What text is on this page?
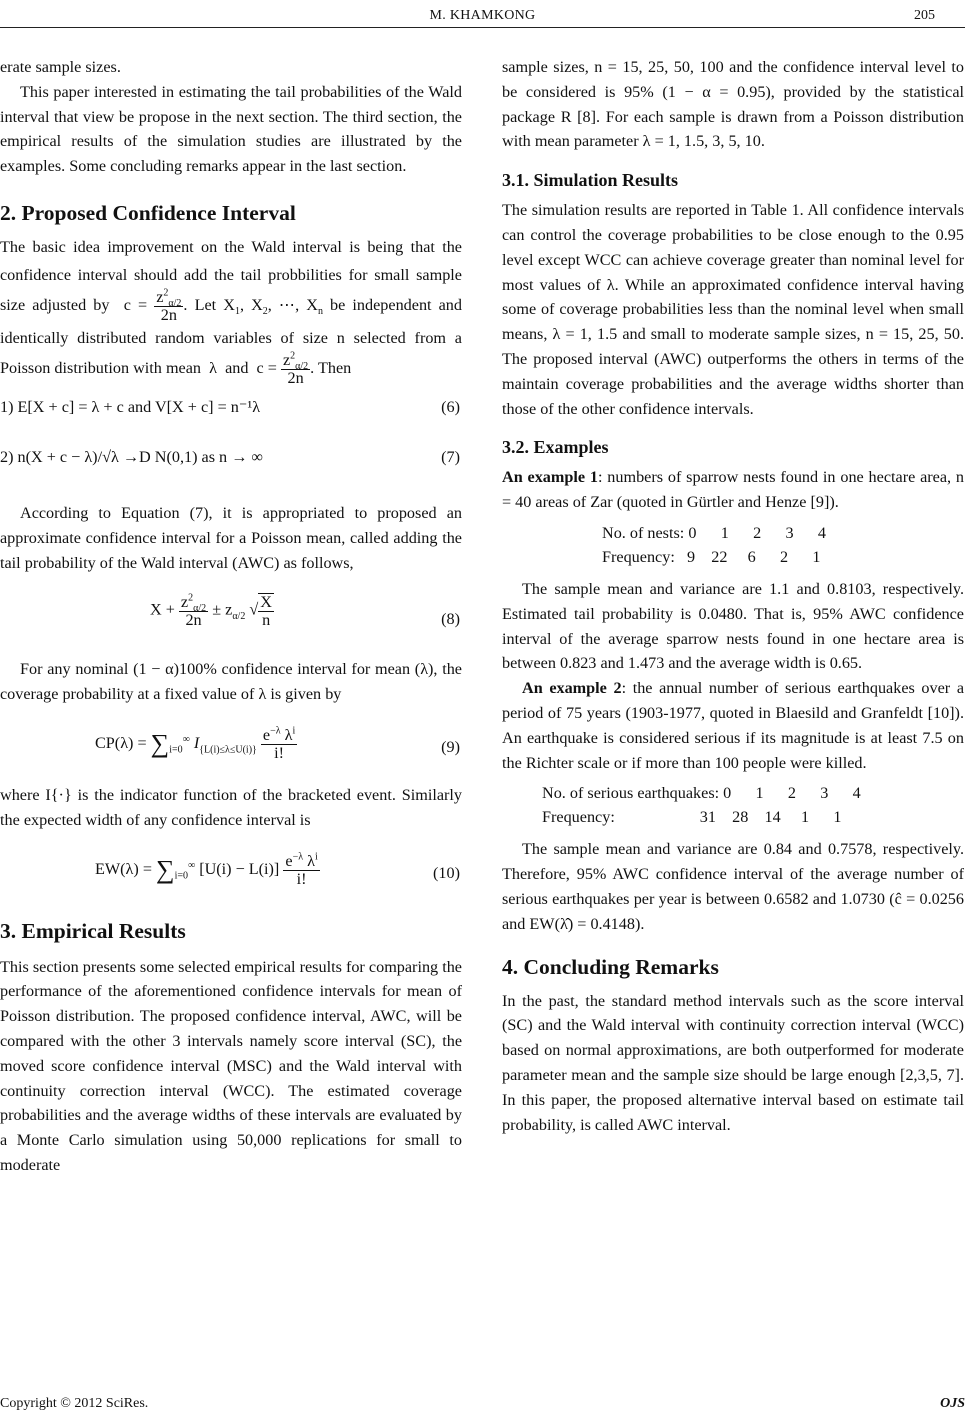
M. KHAMKONG	205

erate sample sizes.

This paper interested in estimating the tail probabilities of the Wald interval that view be propose in the next section. The third section, the empirical results of the simulation studies are illustrated by the examples. Some concluding remarks appear in the last section.

2. Proposed Confidence Interval

The basic idea improvement on the Wald interval is being that the confidence interval should add the tail probbilities for small sample size adjusted by  $c = \frac{z^2_{\alpha/2}}{2n}$ . Let $X_1$, $X_2$, ⋯, $X_n$ be independent and identically distributed random variables of size n selected from a Poisson distribution with mean  λ  and  $c = \frac{z^2_{\alpha/2}}{2n}$ . Then

1) E[X + c] = λ + c and V[X + c] = n⁻¹λ	(6)
2) n(X + c − λ)/√λ →D N(0,1) as n → ∞	(7)

According to Equation (7), it is appropriated to proposed an approximate confidence interval for a Poisson mean, called adding the tail probability of the Wald interval (AWC) as follows,

$X + \frac{z^2_{\alpha/2}}{2n} \pm z_{\alpha/2}$ √ $\frac{X}{n}$	(8)

For any nominal (1 − α)100% confidence interval for mean (λ), the coverage probability at a fixed value of λ is given by

$CP(\lambda) = \sum_{i=0}^\infty$ $I_{\{L(i)\le\lambda\le U(i)\}} \frac{e^{-\lambda} \lambda^i}{i!}$	(9)

where I{·} is the indicator function of the bracketed event. Similarly the expected width of any confidence interval is

$EW(\lambda) = \sum_{i=0}^\infty$ $[U(i) - L(i)] \frac{e^{-\lambda} \lambda^i}{i!}$	(10)
3. Empirical Results

This section presents some selected empirical results for comparing the performance of the aforementioned confidence intervals for mean of Poisson distribution. The proposed confidence interval, AWC, will be compared with the other 3 intervals namely score interval (SC), the moved score confidence interval (MSC) and the Wald interval with continuity correction interval (WCC). The estimated coverage probabilities and the average widths of these intervals are evaluated by a Monte Carlo simulation using 50,000 replications for small to moderate

sample sizes, n = 15, 25, 50, 100 and the confidence interval level to be considered is 95% (1 − α = 0.95), provided by the statistical package R [8]. For each sample is drawn from a Poisson distribution with mean parameter λ = 1, 1.5, 3, 5, 10.

3.1. Simulation Results

The simulation results are reported in Table 1. All confidence intervals can control the coverage probabilities to be close enough to the 0.95 level except WCC can achieve coverage greater than nominal level for most values of λ. While an approximated confidence interval having some of coverage probabilities less than the nominal level when small means, λ = 1, 1.5 and small to moderate sample sizes, n = 15, 25, 50. The proposed interval (AWC) outperforms the others in terms of the maintain coverage probabilities and the average widths shorter than those of the other confidence intervals.

3.2. Examples

An example 1: numbers of sparrow nests found in one hectare area, n = 40 areas of Zar (quoted in Gürtler and Henze [9]).

No. of nests: 0      1      2      3      4
Frequency:   9    22     6      2      1

The sample mean and variance are 1.1 and 0.8103, respectively. Estimated tail probability is 0.0480. That is, 95% AWC confidence interval of the average sparrow nests found in one hectare area is between 0.823 and 1.473 and the average width is 0.65.

An example 2: the annual number of serious earthquakes over a period of 75 years (1903-1977, quoted in Blaesild and Granfeldt [10]). An earthquake is considered serious if its magnitude is at least 7.5 on the Richter scale or if more than 100 people were killed.

No. of serious earthquakes: 0      1      2      3      4
Frequency:                     31    28    14     1      1

The sample mean and variance are 0.84 and 0.7578, respectively. Therefore, 95% AWC confidence interval of the average number of serious earthquakes per year is between 0.6582 and 1.0730 (ĉ = 0.0256 and EW(λ̂) = 0.4148).

4. Concluding Remarks

In the past, the standard method intervals such as the score interval (SC) and the Wald interval with continuity correction interval (WCC) based on normal approximations, are both outperformed for moderate parameter mean and the sample size should be large enough [2,3,5, 7]. In this paper, the proposed alternative interval based on estimate tail probability, is called AWC interval.

Copyright © 2012 SciRes.	OJS
